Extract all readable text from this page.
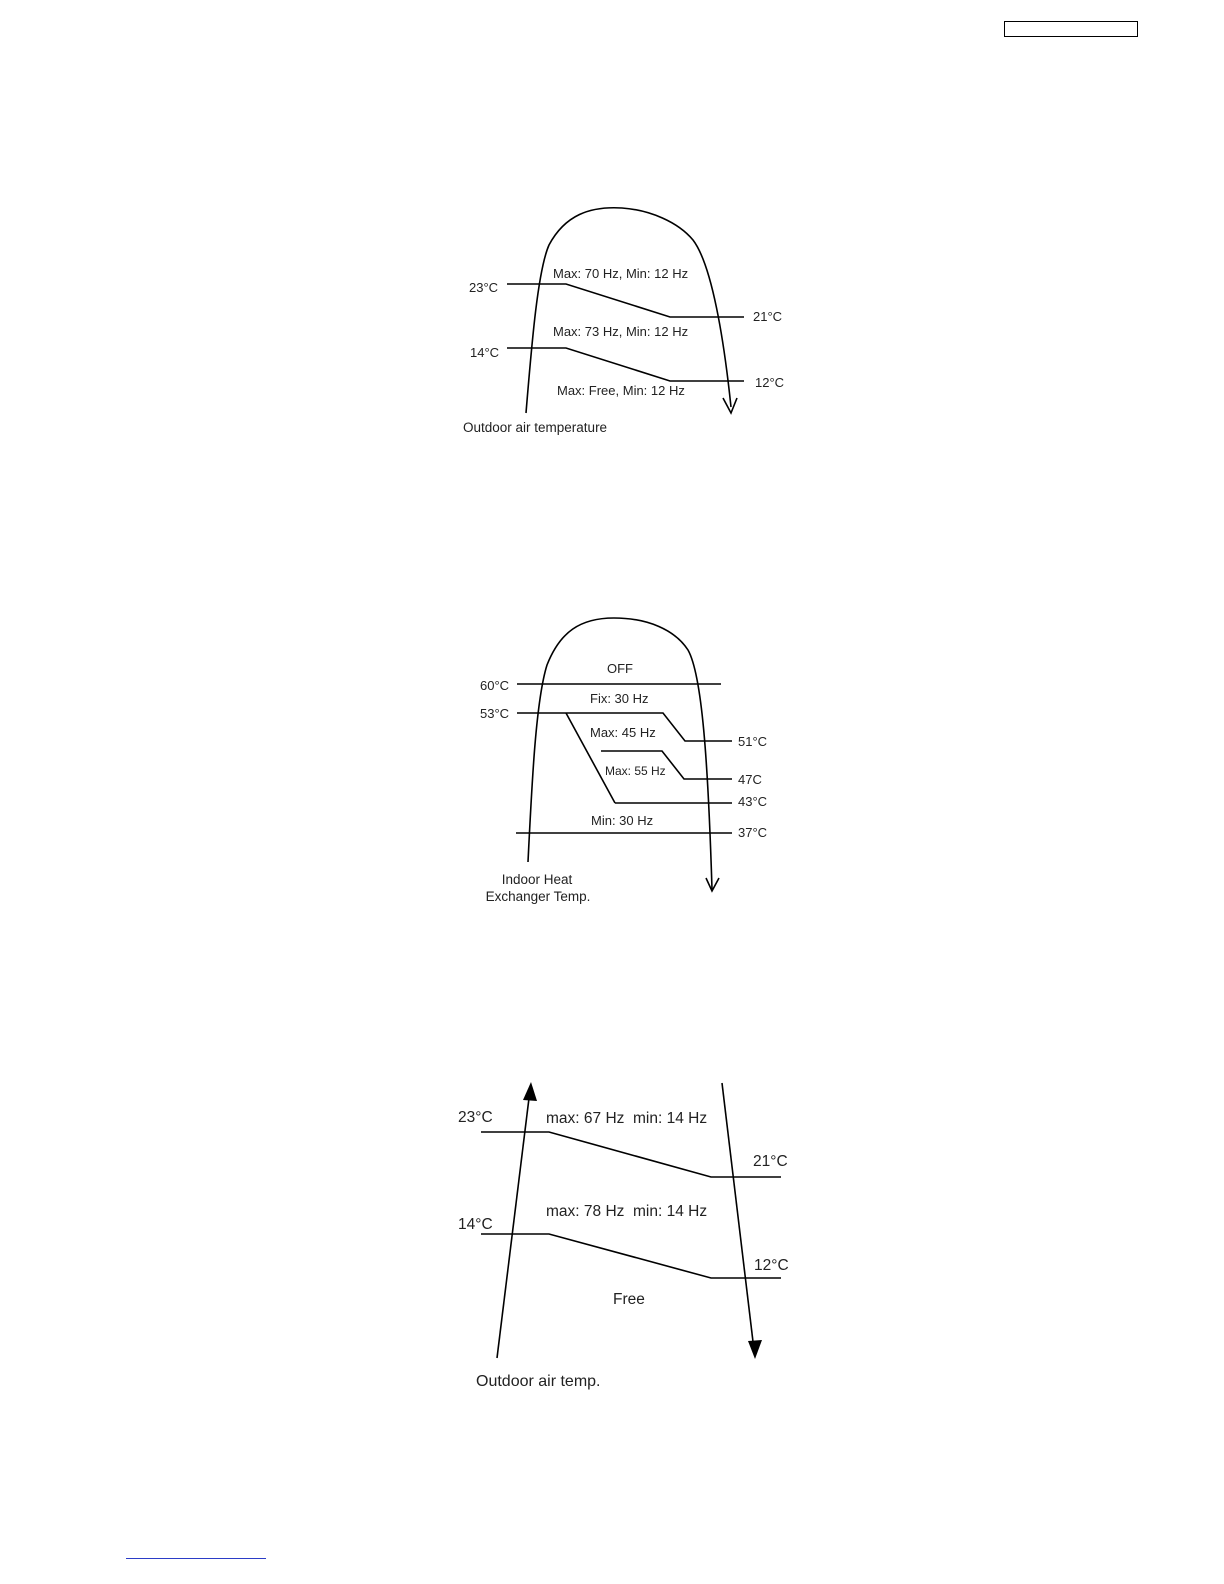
23°C
21°C
14°C
12°C
Max: 70 Hz, Min: 12 Hz
Max: 73 Hz, Min: 12 Hz
Max: Free, Min: 12 Hz
Outdoor air temperature
OFF
Fix: 30 Hz
Max: 45 Hz
Max: 55 Hz
Min: 30 Hz
60°C
53°C
51°C
47C
43°C
37°C
Indoor Heat
Exchanger Temp.
23°C
21°C
14°C
12°C
max: 67 Hz  min: 14 Hz
max: 78 Hz  min: 14 Hz
Free
Outdoor air temp.
